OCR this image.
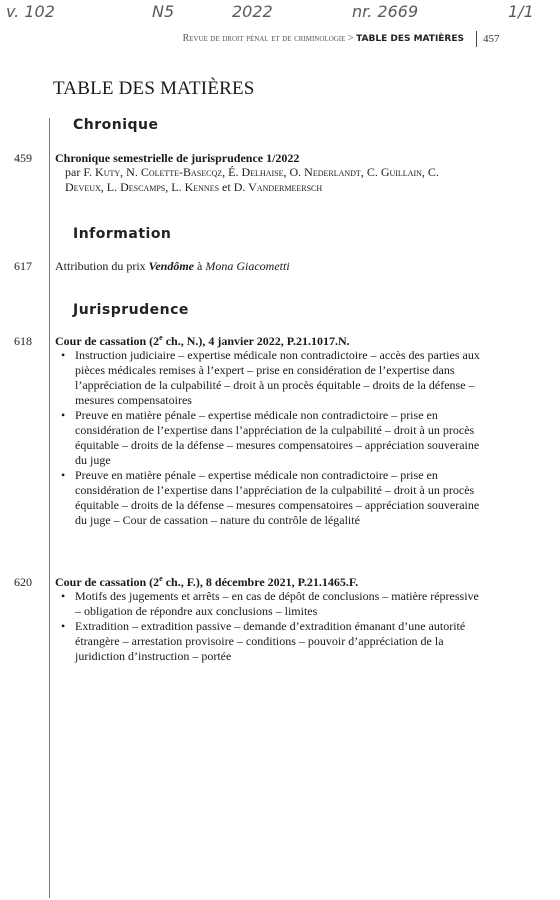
v. 102	N5	2022	nr. 2669	1/1
Revue de droit pénal et de criminologie > TABLE DES MATIÈRES 457
TABLE DES MATIÈRES
Chronique
459 Chronique semestrielle de jurisprudence 1/2022
par F. Kuty, N. Colette-Basecqz, É. Delhaise, O. Nederlandt, C. Guillain, C. Deveux, L. Descamps, L. Kennes et D. Vandermeersch
Information
617 Attribution du prix Vendôme à Mona Giacometti
Jurisprudence
618 Cour de cassation (2e ch., N.), 4 janvier 2022, P.21.1017.N.
• Instruction judiciaire – expertise médicale non contradictoire – accès des parties aux pièces médicales remises à l’expert – prise en considération de l’expertise dans l’appréciation de la culpabilité – droit à un procès équitable – droits de la défense – mesures compensatoires
• Preuve en matière pénale – expertise médicale non contradictoire – prise en considération de l’expertise dans l’appréciation de la culpabilité – droit à un procès équitable – droits de la défense – mesures compensatoires – appréciation souveraine du juge
• Preuve en matière pénale – expertise médicale non contradictoire – prise en considération de l’expertise dans l’appréciation de la culpabilité – droit à un procès équitable – droits de la défense – mesures compensatoires – appréciation souveraine du juge – Cour de cassation – nature du contrôle de légalité
620 Cour de cassation (2e ch., F.), 8 décembre 2021, P.21.1465.F.
• Motifs des jugements et arrêts – en cas de dépôt de conclusions – matière répressive – obligation de répondre aux conclusions – limites
• Extradition – extradition passive – demande d’extradition émanant d’une autorité étrangère – arrestation provisoire – conditions – pouvoir d’appréciation de la juridiction d’instruction – portée
